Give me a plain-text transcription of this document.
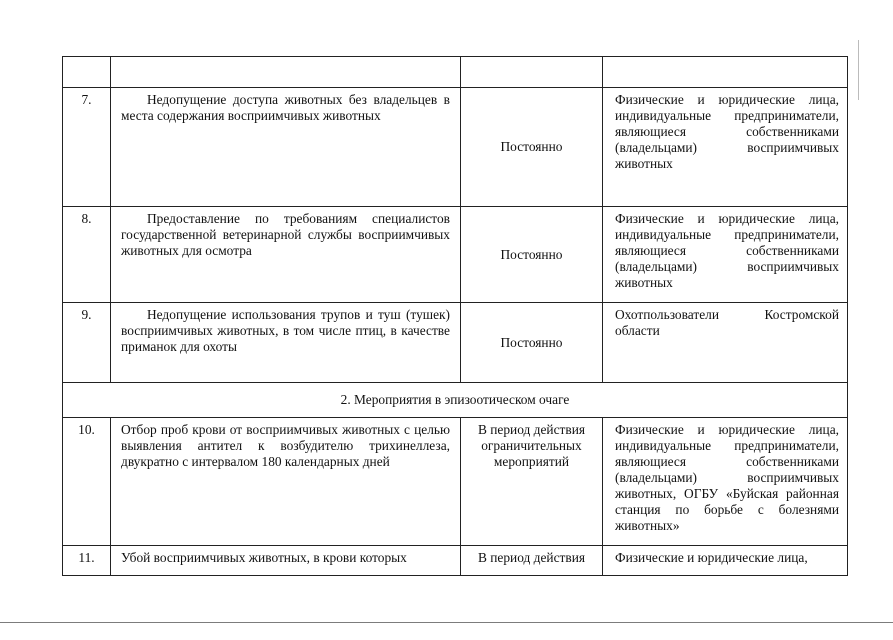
7.	Недопущение доступа животных без владельцев в места содержания восприимчивых животных	Постоянно	Физические и юридические лица, индивидуальные предприниматели, являющиеся собственниками (владельцами) восприимчивых животных
8.	Предоставление по требованиям специалистов государственной ветеринарной службы восприимчивых животных для осмотра	Постоянно	Физические и юридические лица, индивидуальные предприниматели, являющиеся собственниками (владельцами) восприимчивых животных
9.	Недопущение использования трупов и туш (тушек) восприимчивых животных, в том числе птиц, в качестве приманок для охоты	Постоянно	Охотпользователи Костромской области
2. Мероприятия в эпизоотическом очаге			
10.	Отбор проб крови от восприимчивых животных с целью выявления антител к возбудителю трихинеллеза, двукратно с интервалом 180 календарных дней	В период действия ограничительных мероприятий	Физические и юридические лица, индивидуальные предприниматели, являющиеся собственниками (владельцами) восприимчивых животных, ОГБУ «Буйская районная станция по борьбе с болезнями животных»
11.	Убой восприимчивых животных, в крови которых	В период действия	Физические и юридические лица,
